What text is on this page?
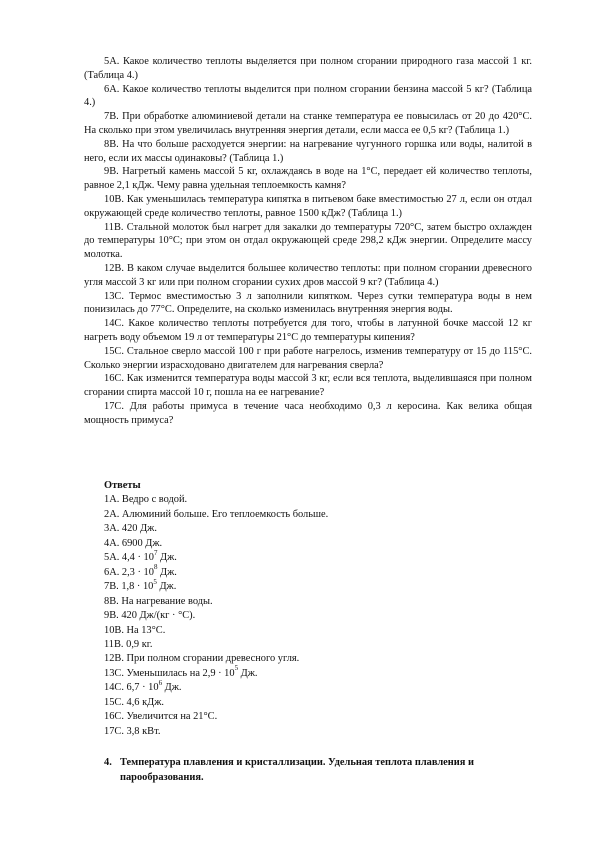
5А. Какое количество теплоты выделяется при полном сгорании природного газа массой 1 кг. (Таблица 4.)

6А. Какое количество теплоты выделится при полном сгорании бензина массой 5 кг? (Таблица 4.)

7В. При обработке алюминиевой детали на станке температура ее повысилась от 20 до 420°С. На сколько при этом увеличилась внутренняя энергия детали, если масса ее 0,5 кг? (Таблица 1.)

8В. На что больше расходуется энергии: на нагревание чугунного горшка или воды, налитой в него, если их массы одинаковы? (Таблица 1.)

9В. Нагретый камень массой 5 кг, охлаждаясь в воде на 1°С, передает ей количество теплоты, равное 2,1 кДж. Чему равна удельная теплоемкость камня?

10В. Как уменьшилась температура кипятка в питьевом баке вместимостью 27 л, если он отдал окружающей среде количество теплоты, равное 1500 кДж? (Таблица 1.)

11В. Стальной молоток был нагрет для закалки до температуры 720°С, затем быстро охлажден до температуры 10°С; при этом он отдал окружающей среде 298,2 кДж энергии. Определите массу молотка.

12В. В каком случае выделится большее количество теплоты: при полном сгорании древесного угля массой 3 кг или при полном сгорании сухих дров массой 9 кг? (Таблица 4.)

13С. Термос вместимостью 3 л заполнили кипятком. Через сутки температура воды в нем понизилась до 77°С. Определите, на сколько изменилась внутренняя энергия воды.

14С. Какое количество теплоты потребуется для того, чтобы в латунной бочке массой 12 кг нагреть воду объемом 19 л от температуры 21°С до температуры кипения?

15С. Стальное сверло массой 100 г при работе нагрелось, изменив температуру от 15 до 115°С. Сколько энергии израсходовано двигателем для нагревания сверла?

16С. Как изменится температура воды массой 3 кг, если вся теплота, выделившаяся при полном сгорании спирта массой 10 г, пошла на ее нагревание?

17С. Для работы примуса в течение часа необходимо 0,3 л керосина. Как велика общая мощность примуса?

Ответы
1А. Ведро с водой.
2А. Алюминий больше. Его теплоемкость больше.
3А. 420 Дж.
4А. 6900 Дж.
5А. $4,4 \cdot 10^7$ Дж.
6А. $2,3 \cdot 10^8$ Дж.
7В. $1,8 \cdot 10^5$ Дж.
8В. На нагревание воды.
9В. 420 Дж/(кг · °С).
10В. На 13°С.
11В. 0,9 кг.
12В. При полном сгорании древесного угля.
13С. Уменьшилась на $2,9 \cdot 10^5$ Дж.
14С. $6,7 \cdot 10^6$ Дж.
15С. 4,6 кДж.
16С. Увеличится на 21°С.
17С. 3,8 кВт.
4. Температура плавления и кристаллизации. Удельная теплота плавления и
парообразования.
